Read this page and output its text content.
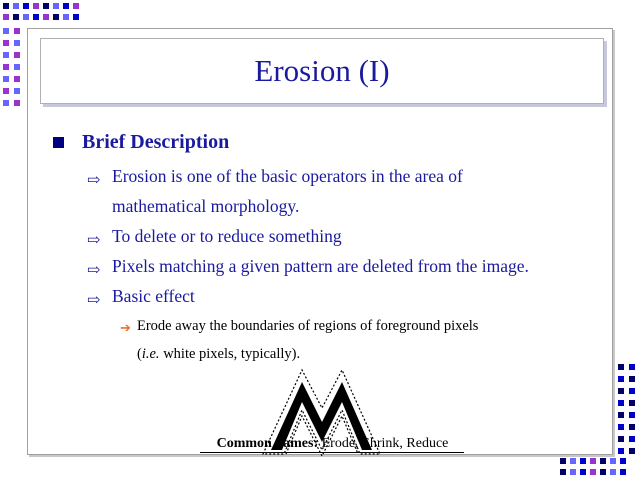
Erosion (I)
Brief Description
⇨ Erosion is one of the basic operators in the area of
mathematical morphology.
⇨ To delete or to reduce something
⇨ Pixels matching a given pattern are deleted from the image.
⇨ Basic effect
➔ Erode away the boundaries of regions of foreground pixels
(i.e. white pixels, typically).
Common names: Erode, Shrink, Reduce
